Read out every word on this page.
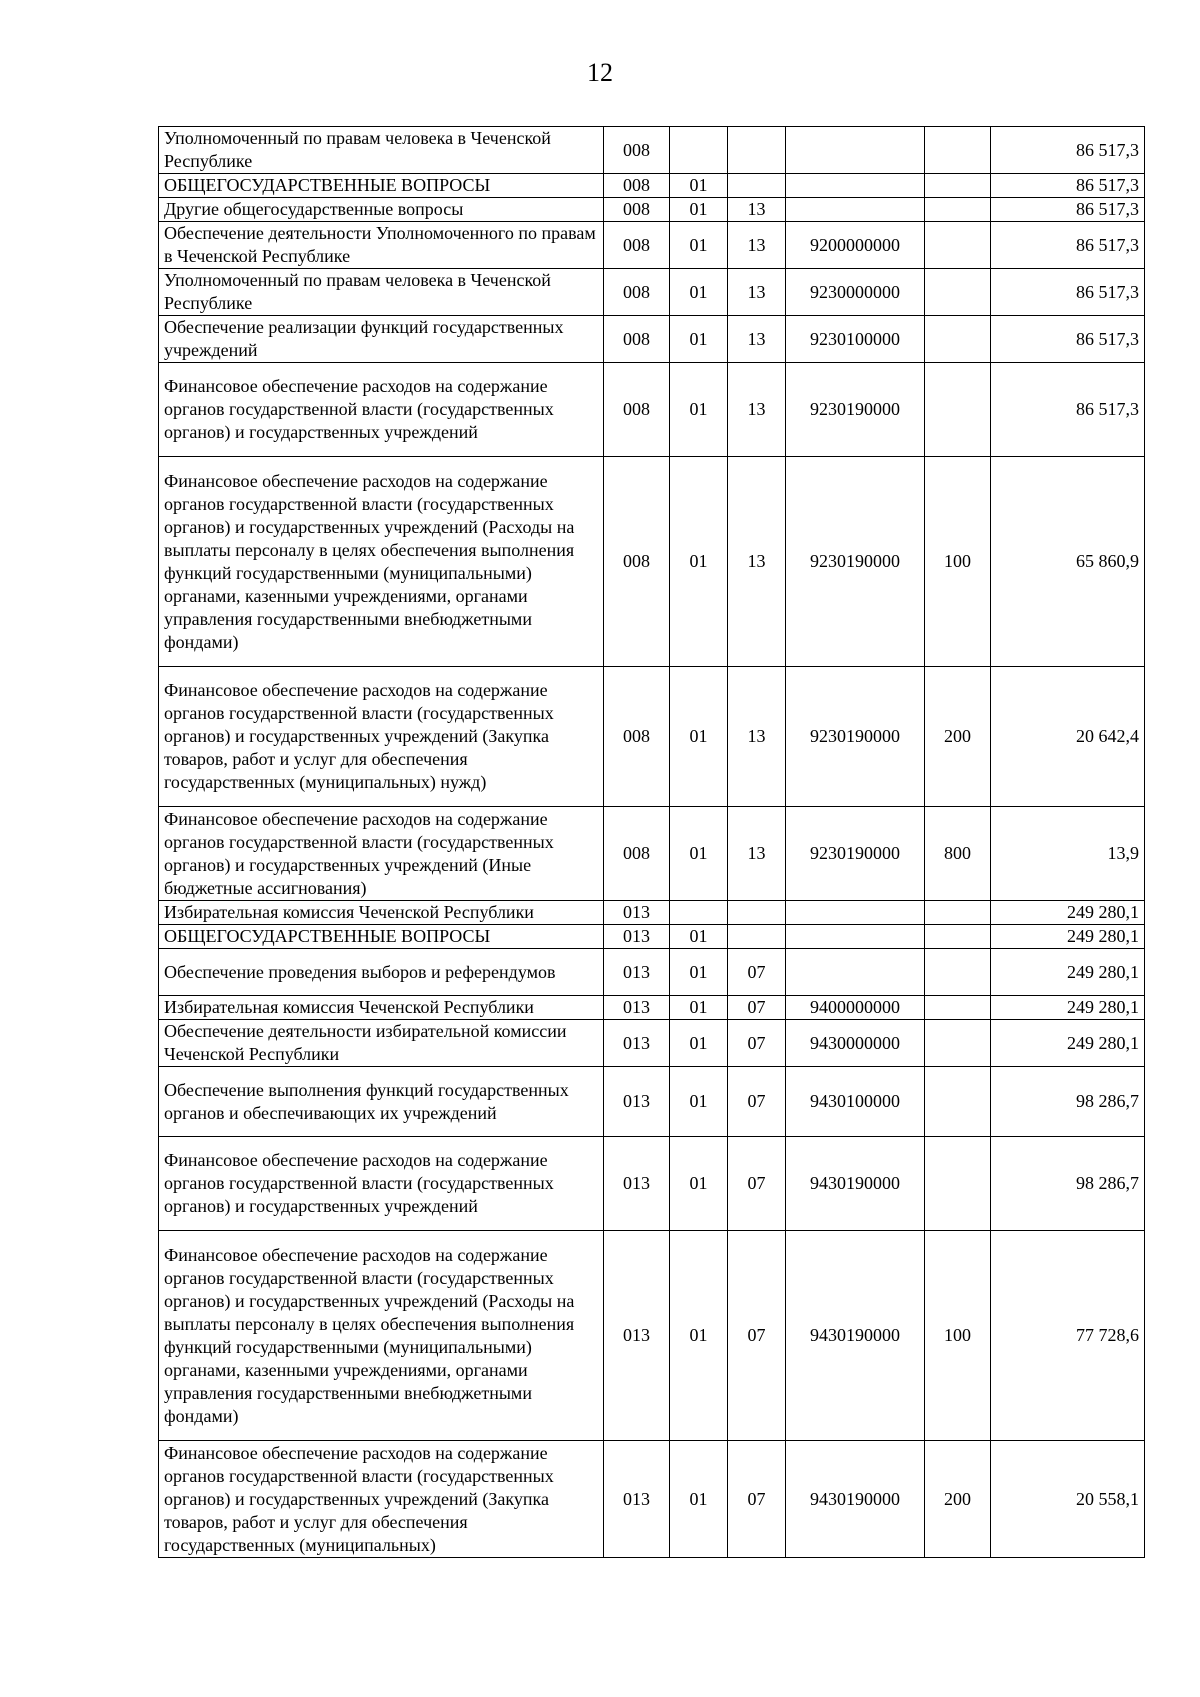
12
Уполномоченный по правам человека в Чеченской Республике	008					86 517,3
ОБЩЕГОСУДАРСТВЕННЫЕ ВОПРОСЫ	008	01				86 517,3
Другие общегосударственные вопросы	008	01	13			86 517,3
Обеспечение деятельности Уполномоченного по правам в Чеченской Республике	008	01	13	9200000000		86 517,3
Уполномоченный по правам человека в Чеченской Республике	008	01	13	9230000000		86 517,3
Обеспечение реализации функций государственных учреждений	008	01	13	9230100000		86 517,3
Финансовое обеспечение расходов на содержание органов государственной власти (государственных органов) и государственных учреждений	008	01	13	9230190000		86 517,3
Финансовое обеспечение расходов на содержание органов государственной власти (государственных органов) и государственных учреждений (Расходы на выплаты персоналу в целях обеспечения выполнения функций государственными (муниципальными) органами, казенными учреждениями, органами управления государственными внебюджетными фондами)	008	01	13	9230190000	100	65 860,9
Финансовое обеспечение расходов на содержание органов государственной власти (государственных органов) и государственных учреждений (Закупка товаров, работ и услуг для обеспечения государственных (муниципальных) нужд)	008	01	13	9230190000	200	20 642,4
Финансовое обеспечение расходов на содержание органов государственной власти (государственных органов) и государственных учреждений (Иные бюджетные ассигнования)	008	01	13	9230190000	800	13,9
Избирательная комиссия Чеченской Республики	013					249 280,1
ОБЩЕГОСУДАРСТВЕННЫЕ ВОПРОСЫ	013	01				249 280,1
Обеспечение проведения выборов и референдумов	013	01	07			249 280,1
Избирательная комиссия Чеченской Республики	013	01	07	9400000000		249 280,1
Обеспечение деятельности избирательной комиссии Чеченской Республики	013	01	07	9430000000		249 280,1
Обеспечение выполнения функций государственных органов и обеспечивающих их учреждений	013	01	07	9430100000		98 286,7
Финансовое обеспечение расходов на содержание органов государственной власти (государственных органов) и государственных учреждений	013	01	07	9430190000		98 286,7
Финансовое обеспечение расходов на содержание органов государственной власти (государственных органов) и государственных учреждений (Расходы на выплаты персоналу в целях обеспечения выполнения функций государственными (муниципальными) органами, казенными учреждениями, органами управления государственными внебюджетными фондами)	013	01	07	9430190000	100	77 728,6
Финансовое обеспечение расходов на содержание органов государственной власти (государственных органов) и государственных учреждений (Закупка товаров, работ и услуг для обеспечения государственных (муниципальных)	013	01	07	9430190000	200	20 558,1
